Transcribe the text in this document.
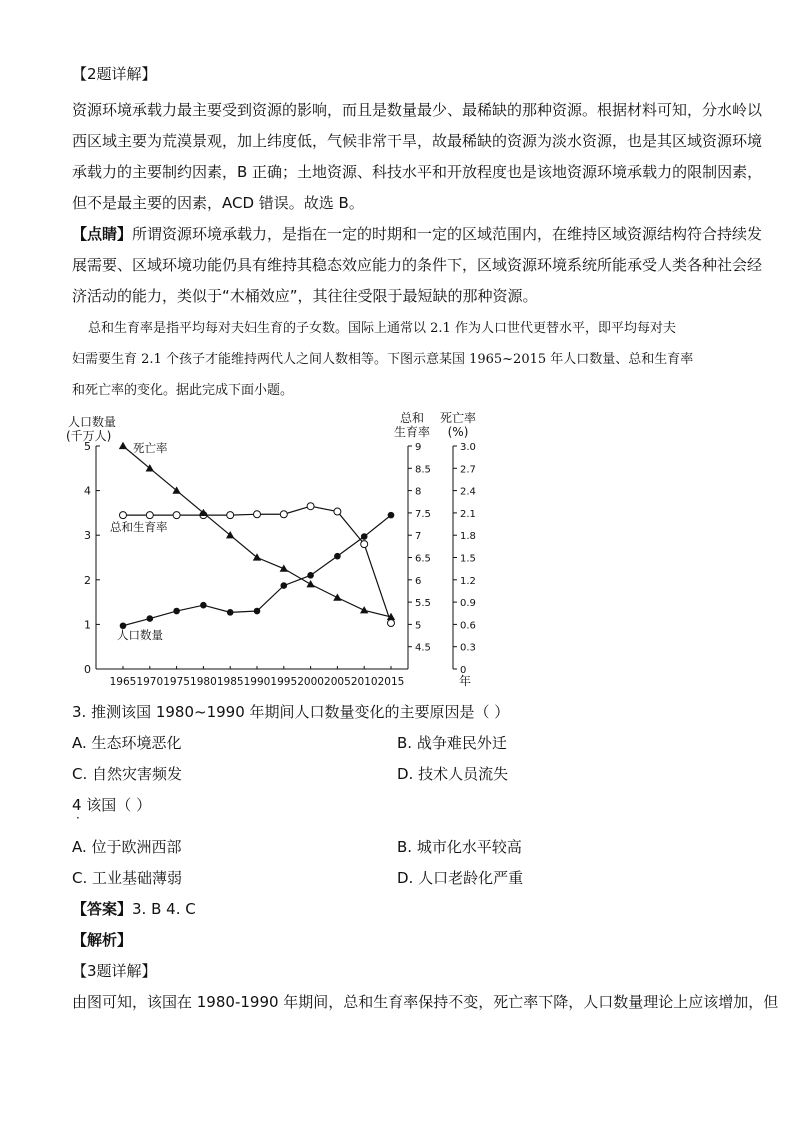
【2题详解】
资源环境承载力最主要受到资源的影响，而且是数量最少、最稀缺的那种资源。根据材料可知，分水岭以
西区域主要为荒漠景观，加上纬度低，气候非常干旱，故最稀缺的资源为淡水资源，也是其区域资源环境
承载力的主要制约因素，B 正确；土地资源、科技水平和开放程度也是该地资源环境承载力的限制因素，
但不是最主要的因素，ACD 错误。故选 B。
【点睛】所谓资源环境承载力，是指在一定的时期和一定的区域范围内，在维持区域资源结构符合持续发
展需要、区域环境功能仍具有维持其稳态效应能力的条件下，区域资源环境系统所能承受人类各种社会经
济活动的能力，类似于“木桶效应”，其往往受限于最短缺的那种资源。
总和生育率是指平均每对夫妇生育的子女数。国际上通常以 2.1 作为人口世代更替水平，即平均每对夫
妇需要生育 2.1 个孩子才能维持两代人之间人数相等。下图示意某国 1965~2015 年人口数量、总和生育率
和死亡率的变化。据此完成下面小题。
0
1
2
3
4
5
4.5
5
5.5
6
6.5
7
7.5
8
8.5
9
0
0.3
0.6
0.9
1.2
1.5
1.8
2.1
2.4
2.7
3.0
1965 1970 1975 1980 1985 1990 1995 2000 2005 2010 2015	年
人口数量
(千万人)
总和
生育率
死亡率
(%)
死亡率
总和生育率
人口数量
3. 推测该国 1980~1990 年期间人口数量变化的主要原因是（ ）
A. 生态环境恶化	B. 战争难民外迁
C. 自然灾害频发	D. 技术人员流失
4 该国（ ）
·
A. 位于欧洲西部	B. 城市化水平较高
C. 工业基础薄弱	D. 人口老龄化严重
【答案】3. B 4. C
【解析】
【3题详解】
由图可知，该国在 1980-1990 年期间，总和生育率保持不变，死亡率下降，人口数量理论上应该增加，但
